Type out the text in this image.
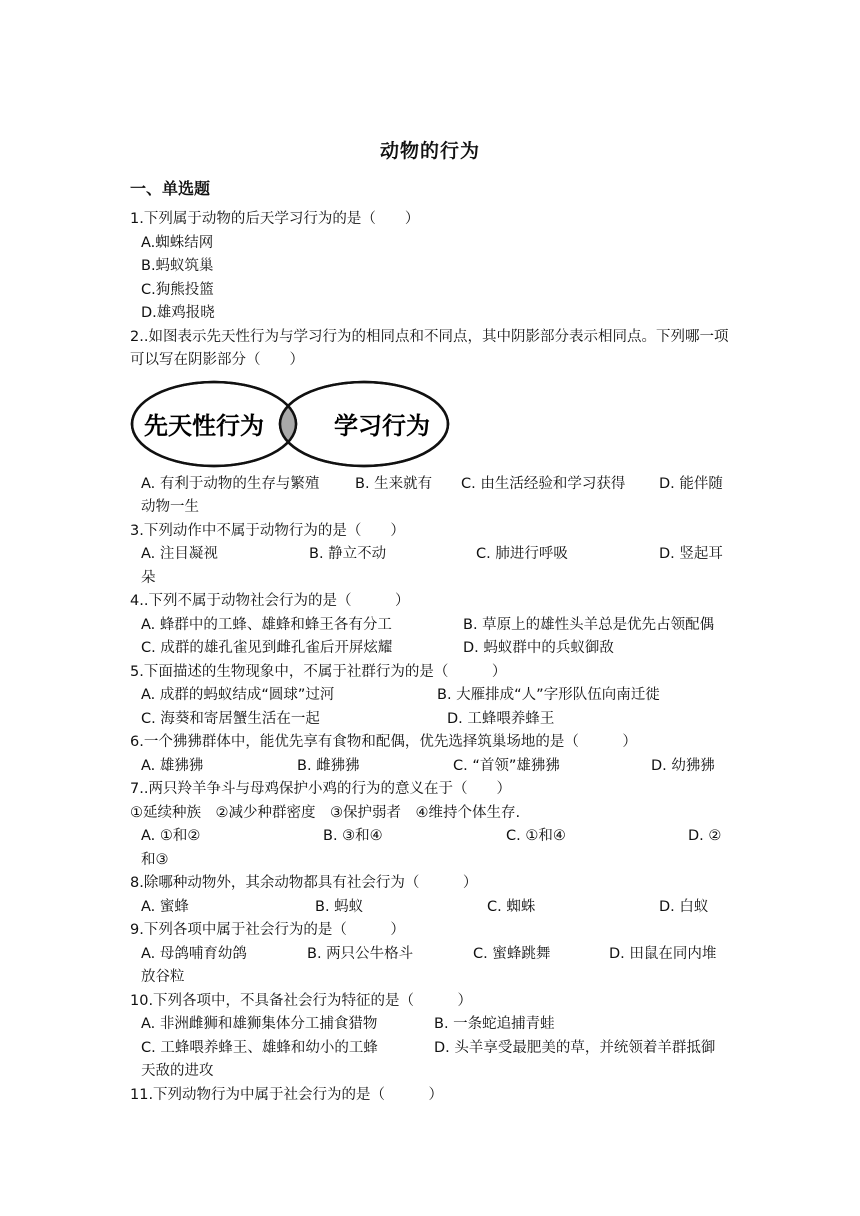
动物的行为
一、单选题
1.下列属于动物的后天学习行为的是（　　）
A.蜘蛛结网
B.蚂蚁筑巢
C.狗熊投篮
D.雄鸡报晓
2..如图表示先天性行为与学习行为的相同点和不同点，其中阴影部分表示相同点。下列哪一项可以写在阴影部分（　　）
先天性行为	学习行为
A. 有利于动物的生存与繁殖	B. 生来就有	C. 由生活经验和学习获得	D. 能伴随
动物一生
3.下列动作中不属于动物行为的是（　　）
A. 注目凝视	B. 静立不动	C. 肺进行呼吸	D. 竖起耳
朵
4..下列不属于动物社会行为的是（　　　）
A. 蜂群中的工蜂、雄蜂和蜂王各有分工	B. 草原上的雄性头羊总是优先占领配偶
C. 成群的雄孔雀见到雌孔雀后开屏炫耀	D. 蚂蚁群中的兵蚁御敌
5.下面描述的生物现象中，不属于社群行为的是（　　　）
A. 成群的蚂蚁结成“圆球”过河	B. 大雁排成“人”字形队伍向南迁徙
C. 海葵和寄居蟹生活在一起	D. 工蜂喂养蜂王
6.一个狒狒群体中，能优先享有食物和配偶，优先选择筑巢场地的是（　　　）
A. 雄狒狒	B. 雌狒狒	C. “首领”雄狒狒	D. 幼狒狒
7..两只羚羊争斗与母鸡保护小鸡的行为的意义在于（　　）
①延续种族　②减少种群密度　③保护弱者　④维持个体生存.
A. ①和②	B. ③和④	C. ①和④	D. ②
和③
8.除哪种动物外，其余动物都具有社会行为（　　　）
A. 蜜蜂	B. 蚂蚁	C. 蜘蛛	D. 白蚁
9.下列各项中属于社会行为的是（　　　）
A. 母鸽哺育幼鸽	B. 两只公牛格斗	C. 蜜蜂跳舞	D. 田鼠在同内堆
放谷粒
10.下列各项中，不具备社会行为特征的是（　　　）
A. 非洲雌狮和雄狮集体分工捕食猎物	B. 一条蛇追捕青蛙
C. 工蜂喂养蜂王、雄蜂和幼小的工蜂	D. 头羊享受最肥美的草，并统领着羊群抵御
天敌的进攻
11.下列动物行为中属于社会行为的是（　　　）
